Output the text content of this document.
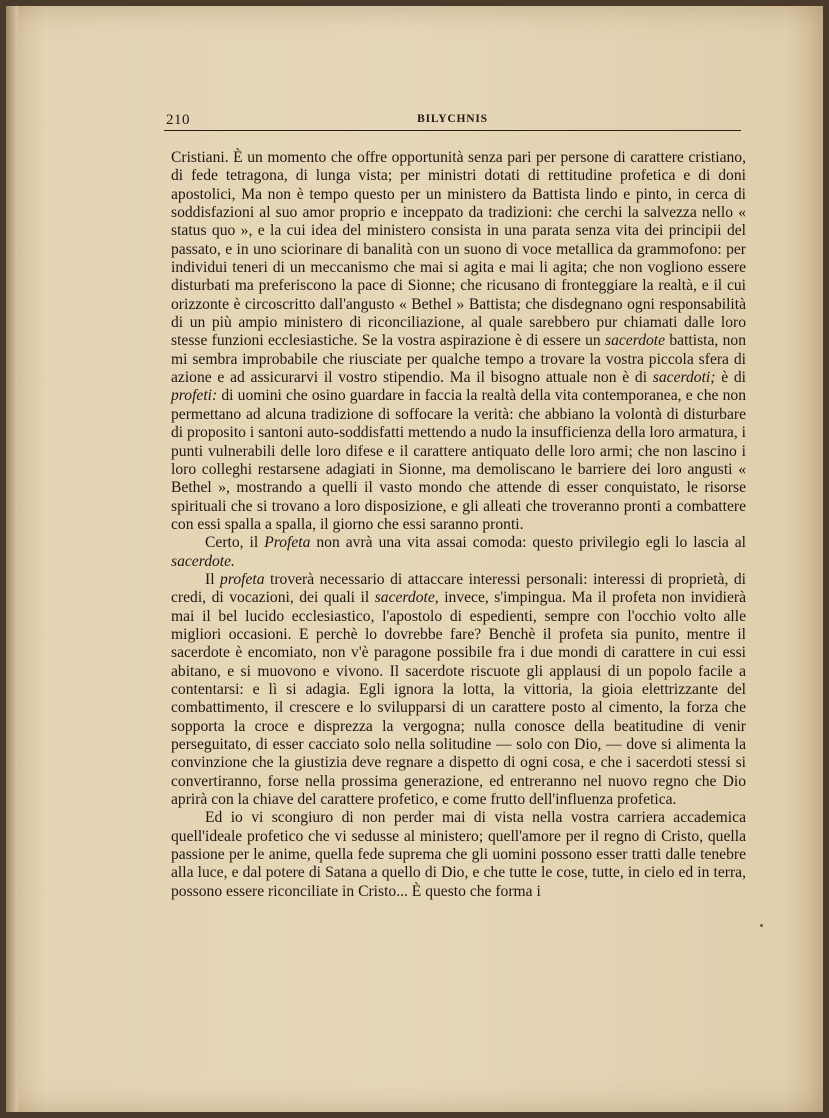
210	BILYCHNIS

Cristiani. È un momento che offre opportunità senza pari per persone di carattere cristiano, di fede tetragona, di lunga vista; per ministri dotati di rettitudine profetica e di doni apostolici, Ma non è tempo questo per un ministero da Battista lindo e pinto, in cerca di soddisfazioni al suo amor proprio e inceppato da tradizioni: che cerchi la salvezza nello « status quo », e la cui idea del ministero consista in una parata senza vita dei principii del passato, e in uno sciorinare di banalità con un suono di voce metallica da grammofono: per individui teneri di un meccanismo che mai si agita e mai li agita; che non vogliono essere disturbati ma preferiscono la pace di Sionne; che ricusano di fronteggiare la realtà, e il cui orizzonte è circoscritto dall'angusto « Bethel » Battista; che disdegnano ogni responsabilità di un più ampio ministero di riconciliazione, al quale sarebbero pur chiamati dalle loro stesse funzioni ecclesiastiche. Se la vostra aspirazione è di essere un sacerdote battista, non mi sembra improbabile che riusciate per qualche tempo a trovare la vostra piccola sfera di azione e ad assicurarvi il vostro stipendio. Ma il bisogno attuale non è di sacerdoti; è di profeti: di uomini che osino guardare in faccia la realtà della vita contemporanea, e che non permettano ad alcuna tradizione di soffocare la verità: che abbiano la volontà di disturbare di proposito i santoni auto-soddisfatti mettendo a nudo la insufficienza della loro armatura, i punti vulnerabili delle loro difese e il carattere antiquato delle loro armi; che non lascino i loro colleghi restarsene adagiati in Sionne, ma demoliscano le barriere dei loro angusti « Bethel », mostrando a quelli il vasto mondo che attende di esser conquistato, le risorse spirituali che si trovano a loro disposizione, e gli alleati che troveranno pronti a combattere con essi spalla a spalla, il giorno che essi saranno pronti.

Certo, il Profeta non avrà una vita assai comoda: questo privilegio egli lo lascia al sacerdote.

Il profeta troverà necessario di attaccare interessi personali: interessi di proprietà, di credi, di vocazioni, dei quali il sacerdote, invece, s'impingua. Ma il profeta non invidierà mai il bel lucido ecclesiastico, l'apostolo di espedienti, sempre con l'occhio volto alle migliori occasioni. E perchè lo dovrebbe fare? Benchè il profeta sia punito, mentre il sacerdote è encomiato, non v'è paragone possibile fra i due mondi di carattere in cui essi abitano, e si muovono e vivono. Il sacerdote riscuote gli applausi di un popolo facile a contentarsi: e lì si adagia. Egli ignora la lotta, la vittoria, la gioia elettrizzante del combattimento, il crescere e lo svilupparsi di un carattere posto al cimento, la forza che sopporta la croce e disprezza la vergogna; nulla conosce della beatitudine di venir perseguitato, di esser cacciato solo nella solitudine — solo con Dio, — dove si alimenta la convinzione che la giustizia deve regnare a dispetto di ogni cosa, e che i sacerdoti stessi si convertiranno, forse nella prossima generazione, ed entreranno nel nuovo regno che Dio aprirà con la chiave del carattere profetico, e come frutto dell'influenza profetica.

Ed io vi scongiuro di non perder mai di vista nella vostra carriera accademica quell'ideale profetico che vi sedusse al ministero; quell'amore per il regno di Cristo, quella passione per le anime, quella fede suprema che gli uomini possono esser tratti dalle tenebre alla luce, e dal potere di Satana a quello di Dio, e che tutte le cose, tutte, in cielo ed in terra, possono essere riconciliate in Cristo... È questo che forma i
